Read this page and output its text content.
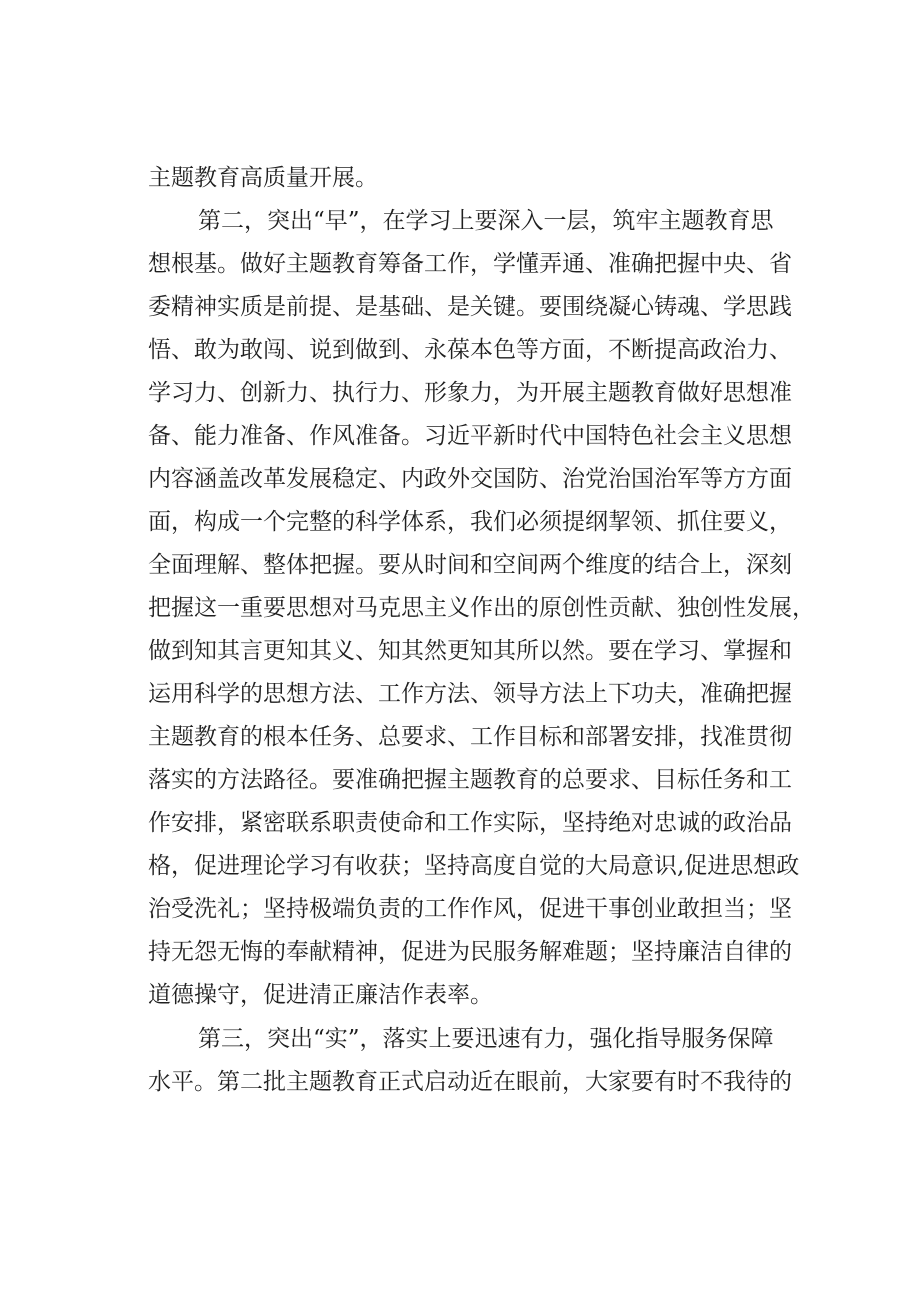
主题教育高质量开展。
第二，突出“早”，在学习上要深入一层，筑牢主题教育思
想根基。做好主题教育筹备工作，学懂弄通、准确把握中央、省
委精神实质是前提、是基础、是关键。要围绕凝心铸魂、学思践
悟、敢为敢闯、说到做到、永葆本色等方面，不断提高政治力、
学习力、创新力、执行力、形象力，为开展主题教育做好思想准
备、能力准备、作风准备。习近平新时代中国特色社会主义思想
内容涵盖改革发展稳定、内政外交国防、治党治国治军等方方面
面，构成一个完整的科学体系，我们必须提纲挈领、抓住要义，
全面理解、整体把握。要从时间和空间两个维度的结合上，深刻
把握这一重要思想对马克思主义作出的原创性贡献、独创性发展，
做到知其言更知其义、知其然更知其所以然。要在学习、掌握和
运用科学的思想方法、工作方法、领导方法上下功夫，准确把握
主题教育的根本任务、总要求、工作目标和部署安排，找准贯彻
落实的方法路径。要准确把握主题教育的总要求、目标任务和工
作安排，紧密联系职责使命和工作实际，坚持绝对忠诚的政治品
格，促进理论学习有收获；坚持高度自觉的大局意识,促进思想政
治受洗礼；坚持极端负责的工作作风，促进干事创业敢担当；坚
持无怨无悔的奉献精神，促进为民服务解难题；坚持廉洁自律的
道德操守，促进清正廉洁作表率。
第三，突出“实”，落实上要迅速有力，强化指导服务保障
水平。第二批主题教育正式启动近在眼前，大家要有时不我待的
